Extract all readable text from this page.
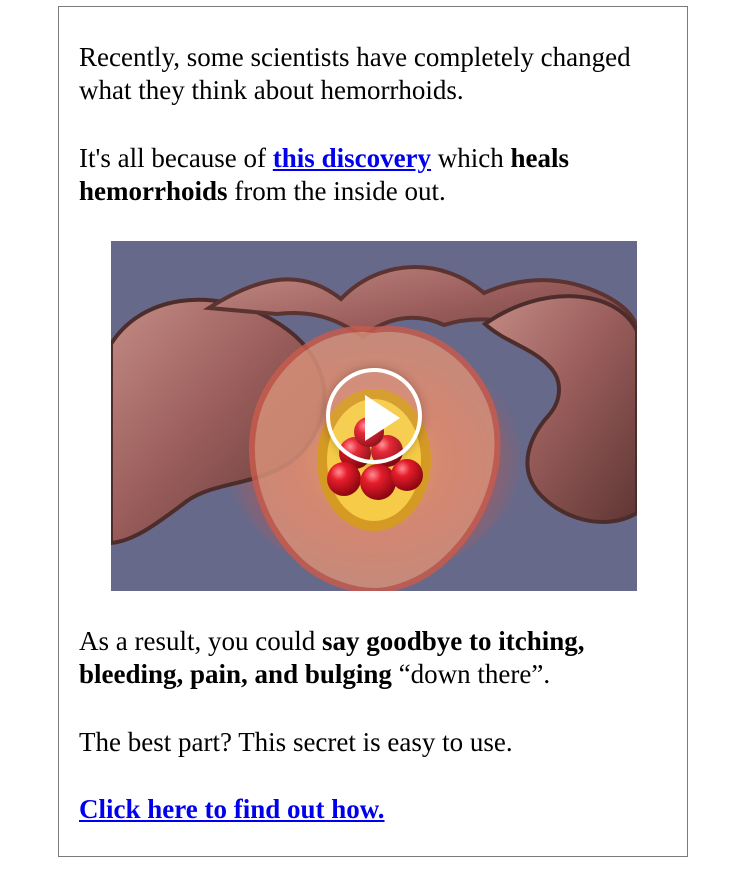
Recently, some scientists have completely changed what they think about hemorrhoids.

It's all because of this discovery which heals hemorrhoids from the inside out.

As a result, you could say goodbye to itching, bleeding, pain, and bulging “down there”.

The best part? This secret is easy to use.

Click here to find out how.
